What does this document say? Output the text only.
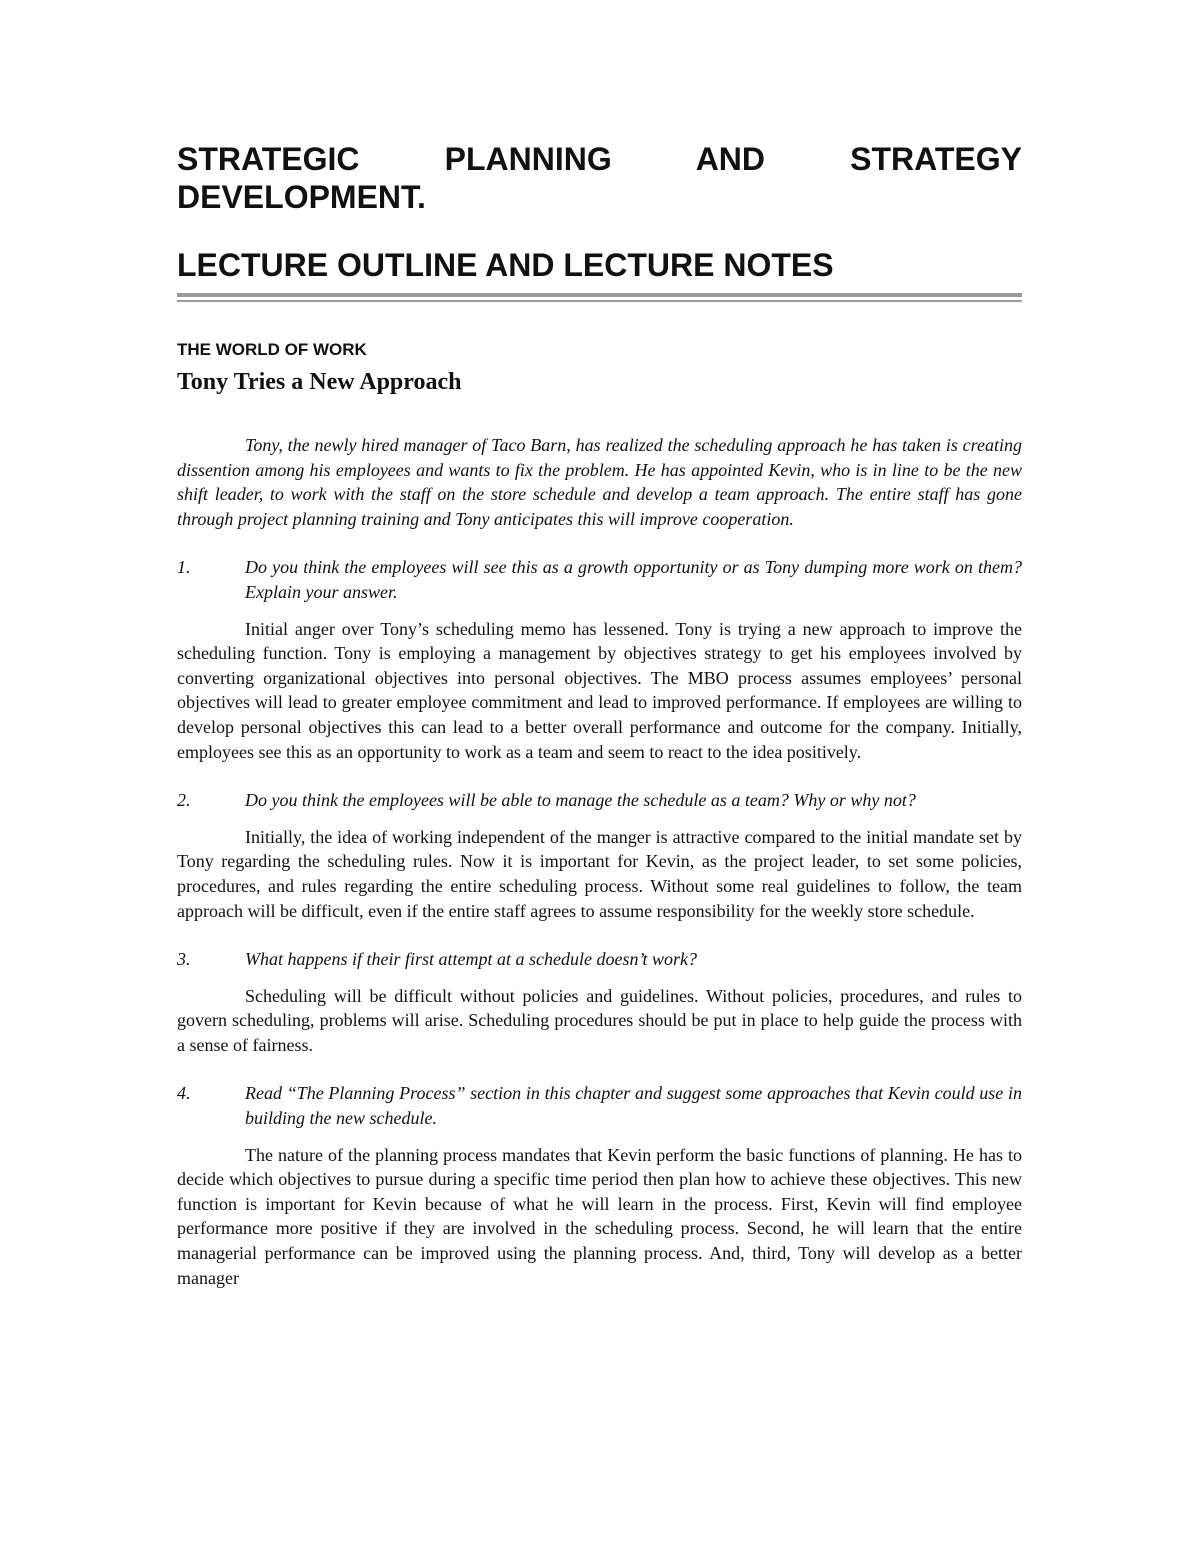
STRATEGIC PLANNING AND STRATEGY DEVELOPMENT.
LECTURE OUTLINE AND LECTURE NOTES
THE WORLD OF WORK
Tony Tries a New Approach

Tony, the newly hired manager of Taco Barn, has realized the scheduling approach he has taken is creating dissention among his employees and wants to fix the problem. He has appointed Kevin, who is in line to be the new shift leader, to work with the staff on the store schedule and develop a team approach. The entire staff has gone through project planning training and Tony anticipates this will improve cooperation.

1.	Do you think the employees will see this as a growth opportunity or as Tony dumping more work on them? Explain your answer.

Initial anger over Tony’s scheduling memo has lessened. Tony is trying a new approach to improve the scheduling function. Tony is employing a management by objectives strategy to get his employees involved by converting organizational objectives into personal objectives. The MBO process assumes employees’ personal objectives will lead to greater employee commitment and lead to improved performance. If employees are willing to develop personal objectives this can lead to a better overall performance and outcome for the company. Initially, employees see this as an opportunity to work as a team and seem to react to the idea positively.

2.	Do you think the employees will be able to manage the schedule as a team? Why or why not?

Initially, the idea of working independent of the manger is attractive compared to the initial mandate set by Tony regarding the scheduling rules. Now it is important for Kevin, as the project leader, to set some policies, procedures, and rules regarding the entire scheduling process. Without some real guidelines to follow, the team approach will be difficult, even if the entire staff agrees to assume responsibility for the weekly store schedule.

3.	What happens if their first attempt at a schedule doesn’t work?

Scheduling will be difficult without policies and guidelines. Without policies, procedures, and rules to govern scheduling, problems will arise. Scheduling procedures should be put in place to help guide the process with a sense of fairness.

4.	Read “The Planning Process” section in this chapter and suggest some approaches that Kevin could use in building the new schedule.

The nature of the planning process mandates that Kevin perform the basic functions of planning. He has to decide which objectives to pursue during a specific time period then plan how to achieve these objectives. This new function is important for Kevin because of what he will learn in the process. First, Kevin will find employee performance more positive if they are involved in the scheduling process. Second, he will learn that the entire managerial performance can be improved using the planning process. And, third, Tony will develop as a better manager
